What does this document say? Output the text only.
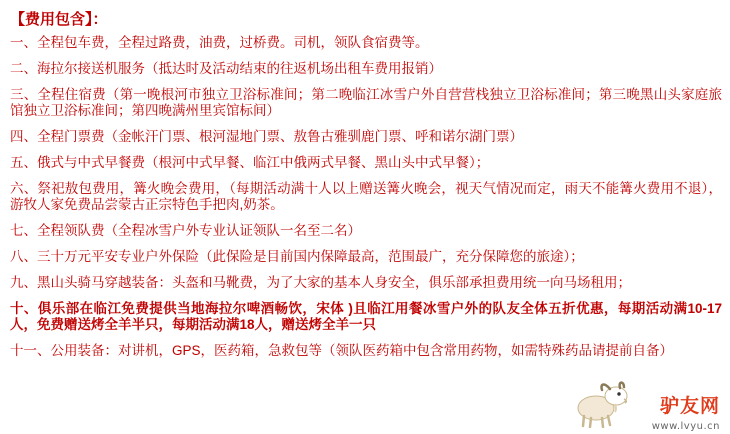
【费用包含】：
一、全程包车费，全程过路费，油费，过桥费。司机，领队食宿费等。
二、海拉尔接送机服务（抵达时及活动结束的往返机场出租车费用报销）
三、全程住宿费（第一晚根河市独立卫浴标准间；第二晚临江冰雪户外自营营栈独立卫浴标准间；第三晚黑山头家庭旅馆独立卫浴标准间；第四晚满州里宾馆标间）
四、全程门票费（金帐汗门票、根河湿地门票、敖鲁古雅驯鹿门票、呼和诺尔湖门票）
五、俄式与中式早餐费（根河中式早餐、临江中俄两式早餐、黑山头中式早餐）；
六、祭祀敖包费用，篝火晚会费用，（每期活动满十人以上赠送篝火晚会，视天气情况而定，雨天不能篝火费用不退），游牧人家免费品尝蒙古正宗特色手把肉,奶茶。
七、全程领队费（全程冰雪户外专业认证领队一名至二名）
八、三十万元平安专业户外保险（此保险是目前国内保障最高，范围最广，充分保障您的旅途）；
九、黑山头骑马穿越装备：头盔和马靴费，为了大家的基本人身安全，俱乐部承担费用统一向马场租用；
十、俱乐部在临江免费提供当地海拉尔啤酒畅饮，宋体 )且临江用餐冰雪户外的队友全体五折优惠，每期活动满10-17人，免费赠送烤全羊半只，每期活动满18人，赠送烤全羊一只
十一、公用装备：对讲机，GPS，医药箱，急救包等（领队医药箱中包含常用药物，如需特殊药品请提前自备）
驴友网
www.lvyu.cn
